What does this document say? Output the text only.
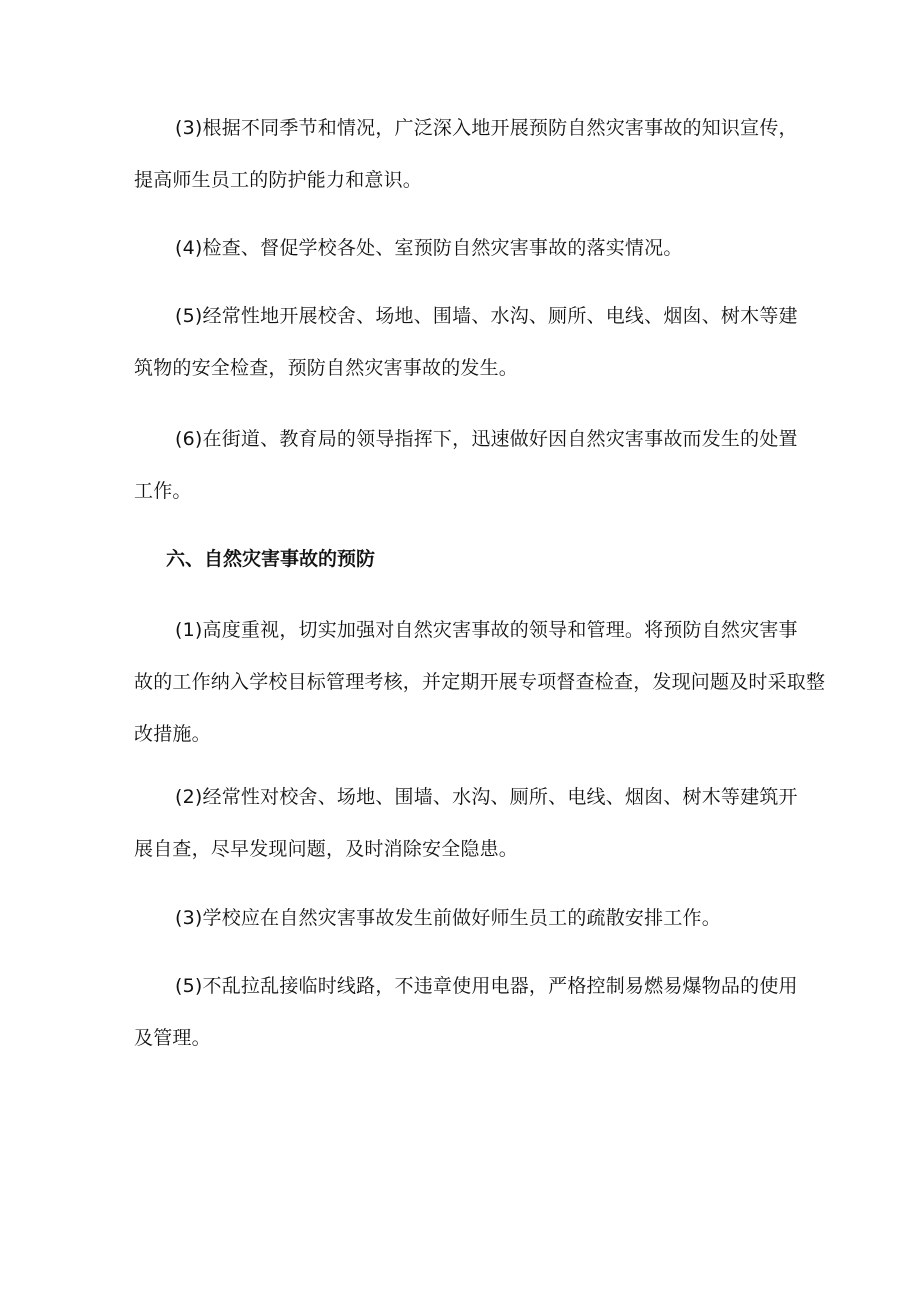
(3)根据不同季节和情况，广泛深入地开展预防自然灾害事故的知识宣传，
提高师生员工的防护能力和意识。

(4)检查、督促学校各处、室预防自然灾害事故的落实情况。

(5)经常性地开展校舍、场地、围墙、水沟、厕所、电线、烟囱、树木等建
筑物的安全检查，预防自然灾害事故的发生。

(6)在街道、教育局的领导指挥下，迅速做好因自然灾害事故而发生的处置
工作。

六、自然灾害事故的预防

(1)高度重视，切实加强对自然灾害事故的领导和管理。将预防自然灾害事
故的工作纳入学校目标管理考核，并定期开展专项督查检查，发现问题及时采取整
改措施。

(2)经常性对校舍、场地、围墙、水沟、厕所、电线、烟囱、树木等建筑开
展自查，尽早发现问题，及时消除安全隐患。

(3)学校应在自然灾害事故发生前做好师生员工的疏散安排工作。

(5)不乱拉乱接临时线路，不违章使用电器，严格控制易燃易爆物品的使用
及管理。
